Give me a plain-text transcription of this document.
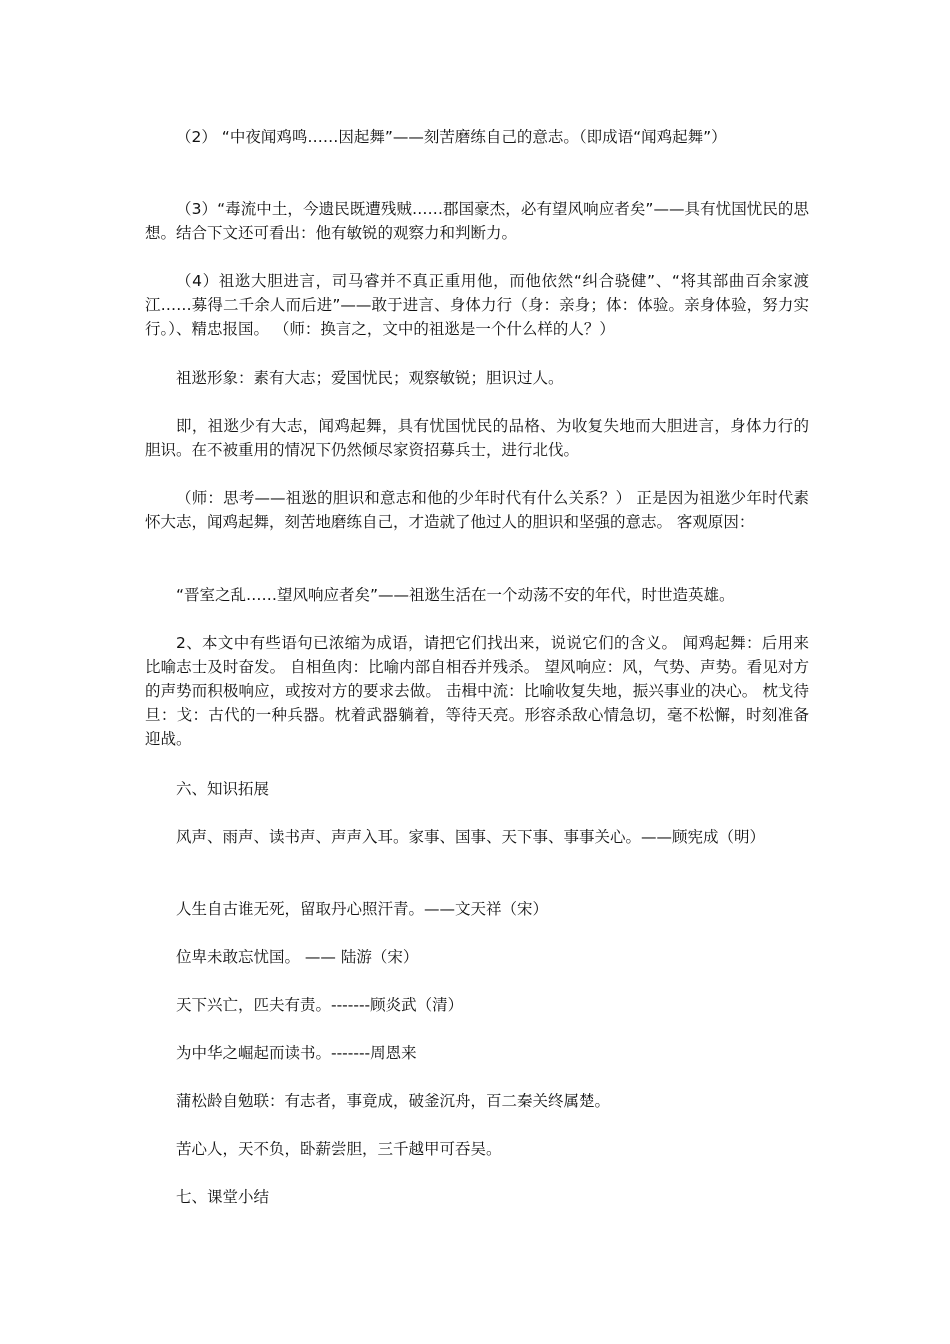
（2） “中夜闻鸡鸣……因起舞”——刻苦磨练自己的意志。（即成语“闻鸡起舞”）

（3）“毒流中土，今遗民既遭残贼……郡国豪杰，必有望风响应者矣”——具有忧国忧民的思想。结合下文还可看出：他有敏锐的观察力和判断力。

（4）祖逖大胆进言，司马睿并不真正重用他，而他依然“纠合骁健”、“将其部曲百余家渡江……募得二千余人而后进”——敢于进言、身体力行（身：亲身；体：体验。亲身体验，努力实行。）、精忠报国。 （师：换言之，文中的祖逖是一个什么样的人？）

祖逖形象：素有大志；爱国忧民；观察敏锐；胆识过人。

即，祖逖少有大志，闻鸡起舞，具有忧国忧民的品格、为收复失地而大胆进言，身体力行的胆识。在不被重用的情况下仍然倾尽家资招募兵士，进行北伐。

（师：思考——祖逖的胆识和意志和他的少年时代有什么关系？） 正是因为祖逖少年时代素怀大志，闻鸡起舞，刻苦地磨练自己，才造就了他过人的胆识和坚强的意志。 客观原因：

“晋室之乱……望风响应者矣”——祖逖生活在一个动荡不安的年代，时世造英雄。

2、本文中有些语句已浓缩为成语，请把它们找出来，说说它们的含义。 闻鸡起舞：后用来比喻志士及时奋发。 自相鱼肉：比喻内部自相吞并残杀。 望风响应：风，气势、声势。看见对方的声势而积极响应，或按对方的要求去做。 击楫中流：比喻收复失地，振兴事业的决心。 枕戈待旦：戈：古代的一种兵器。枕着武器躺着，等待天亮。形容杀敌心情急切，毫不松懈，时刻准备迎战。

六、知识拓展

风声、雨声、读书声、声声入耳。家事、国事、天下事、事事关心。——顾宪成（明）

人生自古谁无死，留取丹心照汗青。——文天祥（宋）

位卑未敢忘忧国。 —— 陆游（宋）

天下兴亡，匹夫有责。-------顾炎武（清）

为中华之崛起而读书。-------周恩来

蒲松龄自勉联：有志者，事竟成，破釜沉舟，百二秦关终属楚。

苦心人，天不负，卧薪尝胆，三千越甲可吞吴。

七、课堂小结
